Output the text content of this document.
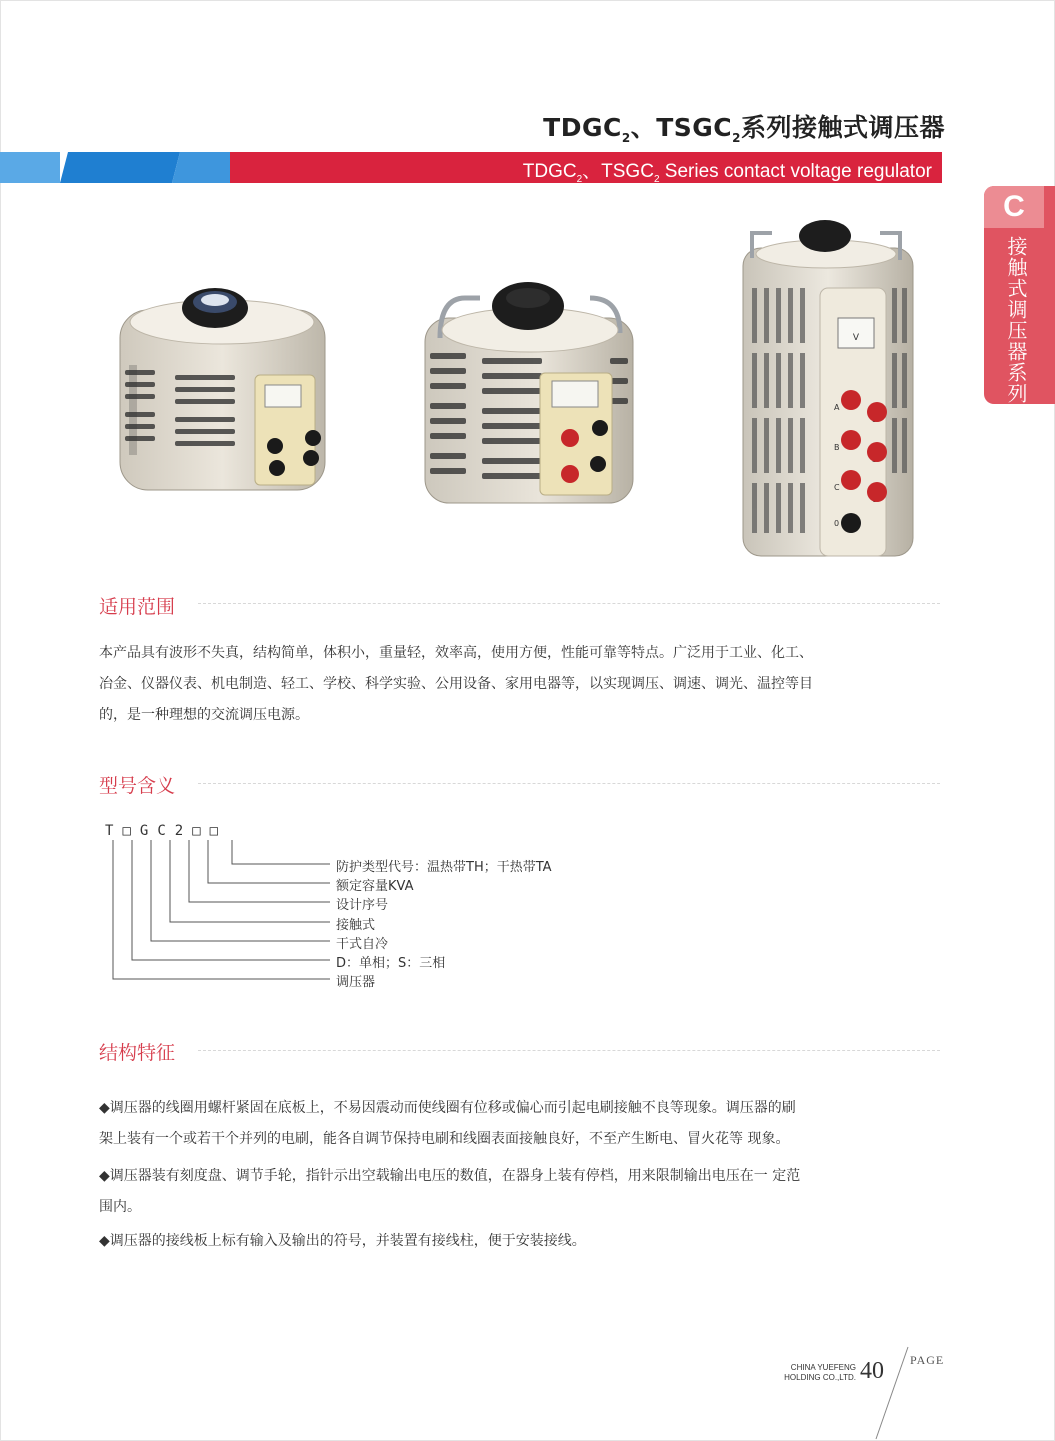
$TDGC_2$、$TSGC_2$系列接触式调压器
$TDGC_2$、$TSGC_2$ Series contact voltage regulator
C
接触式调压器系列
V
A
B
C
0
适用范围
本产品具有波形不失真，结构简单，体积小，重量轻，效率高，使用方便，性能可靠等特点。广泛用于工业、化工、
冶金、仪器仪表、机电制造、轻工、学校、科学实验、公用设备、家用电器等，以实现调压、调速、调光、温控等目
的，是一种理想的交流调压电源。
型号含义
T□GC2□□
防护类型代号：温热带TH；干热带TA
额定容量KVA
设计序号
接触式
干式自冷
D：单相；S：三相
调压器
结构特征
◆调压器的线圈用螺杆紧固在底板上，不易因震动而使线圈有位移或偏心而引起电刷接触不良等现象。调压器的刷
架上装有一个或若干个并列的电刷，能各自调节保持电刷和线圈表面接触良好，不至产生断电、冒火花等 现象。
◆调压器装有刻度盘、调节手轮，指针示出空载输出电压的数值，在器身上装有停档，用来限制输出电压在一 定范
围内。
◆调压器的接线板上标有输入及输出的符号，并装置有接线柱，便于安装接线。
CHINA YUEFENG
HOLDING CO.,LTD. 40 PAGE
